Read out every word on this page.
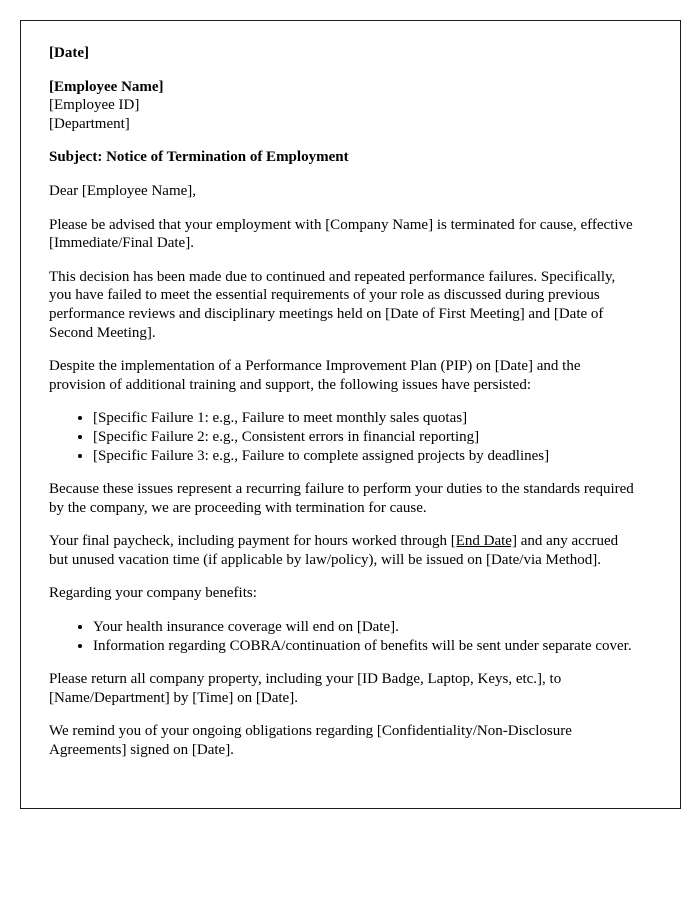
[Date]

[Employee Name]

[Employee ID]

[Department]

Subject: Notice of Termination of Employment

Dear [Employee Name],

Please be advised that your employment with [Company Name] is terminated for cause, effective [Immediate/Final Date].

This decision has been made due to continued and repeated performance failures. Specifically, you have failed to meet the essential requirements of your role as discussed during previous performance reviews and disciplinary meetings held on [Date of First Meeting] and [Date of Second Meeting].

Despite the implementation of a Performance Improvement Plan (PIP) on [Date] and the provision of additional training and support, the following issues have persisted:

• [Specific Failure 1: e.g., Failure to meet monthly sales quotas]
• [Specific Failure 2: e.g., Consistent errors in financial reporting]
• [Specific Failure 3: e.g., Failure to complete assigned projects by deadlines]

Because these issues represent a recurring failure to perform your duties to the standards required by the company, we are proceeding with termination for cause.

Your final paycheck, including payment for hours worked through [End Date] and any accrued but unused vacation time (if applicable by law/policy), will be issued on [Date/via Method].

Regarding your company benefits:

• Your health insurance coverage will end on [Date].
• Information regarding COBRA/continuation of benefits will be sent under separate cover.

Please return all company property, including your [ID Badge, Laptop, Keys, etc.], to [Name/Department] by [Time] on [Date].

We remind you of your ongoing obligations regarding [Confidentiality/Non-Disclosure Agreements] signed on [Date].
